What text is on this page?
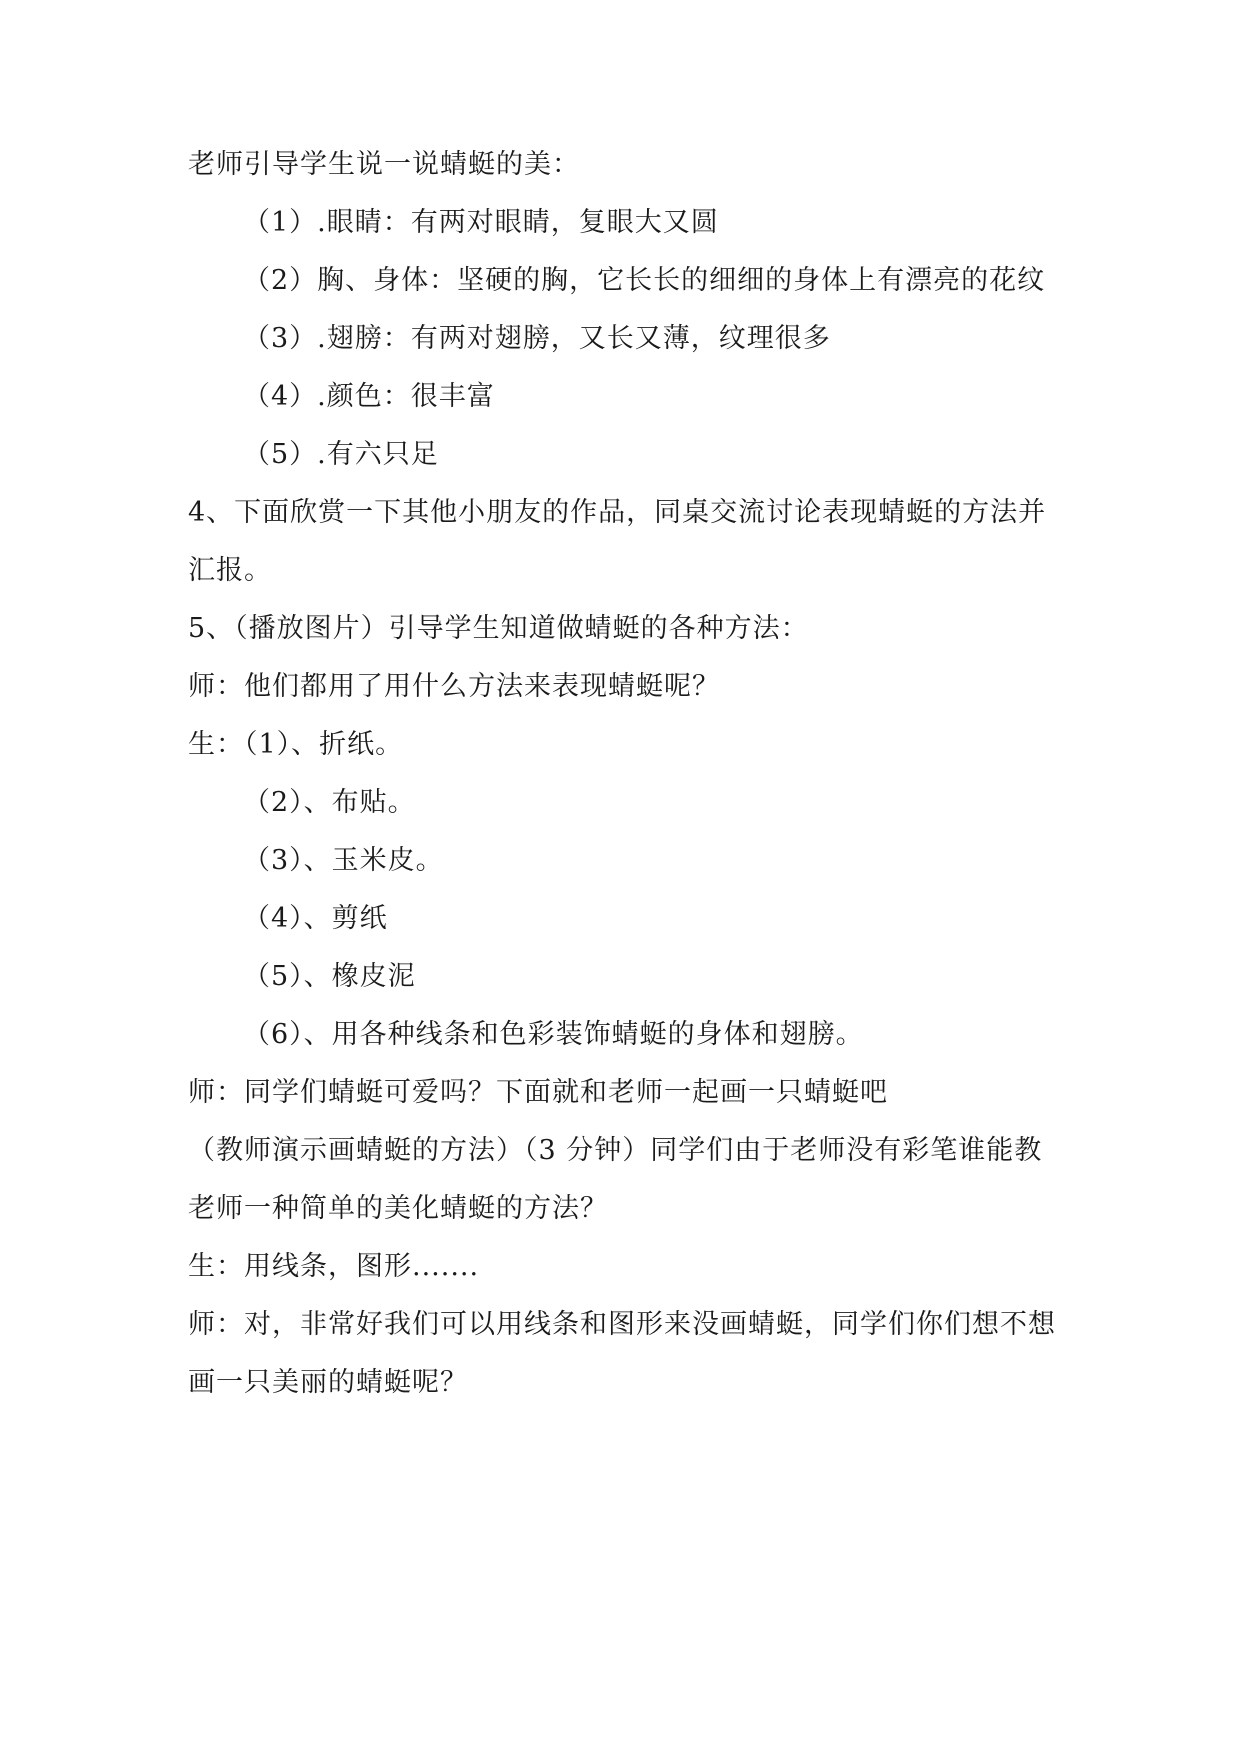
老师引导学生说一说蜻蜓的美：
（1）.眼睛：有两对眼睛，复眼大又圆
（2）胸、身体：坚硬的胸，它长长的细细的身体上有漂亮的花纹
（3）.翅膀：有两对翅膀，又长又薄，纹理很多
（4）.颜色：很丰富
（5）.有六只足
4、下面欣赏一下其他小朋友的作品，同桌交流讨论表现蜻蜓的方法并
汇报。
5、（播放图片）引导学生知道做蜻蜓的各种方法：
师：他们都用了用什么方法来表现蜻蜓呢？
生：（1）、折纸。
（2）、布贴。
（3）、玉米皮。
（4）、剪纸
（5）、橡皮泥
（6）、用各种线条和色彩装饰蜻蜓的身体和翅膀。
师：同学们蜻蜓可爱吗？下面就和老师一起画一只蜻蜓吧
（教师演示画蜻蜓的方法）（3 分钟）同学们由于老师没有彩笔谁能教
老师一种简单的美化蜻蜓的方法？
生：用线条，图形.......
师：对，非常好我们可以用线条和图形来没画蜻蜓，同学们你们想不想
画一只美丽的蜻蜓呢？
